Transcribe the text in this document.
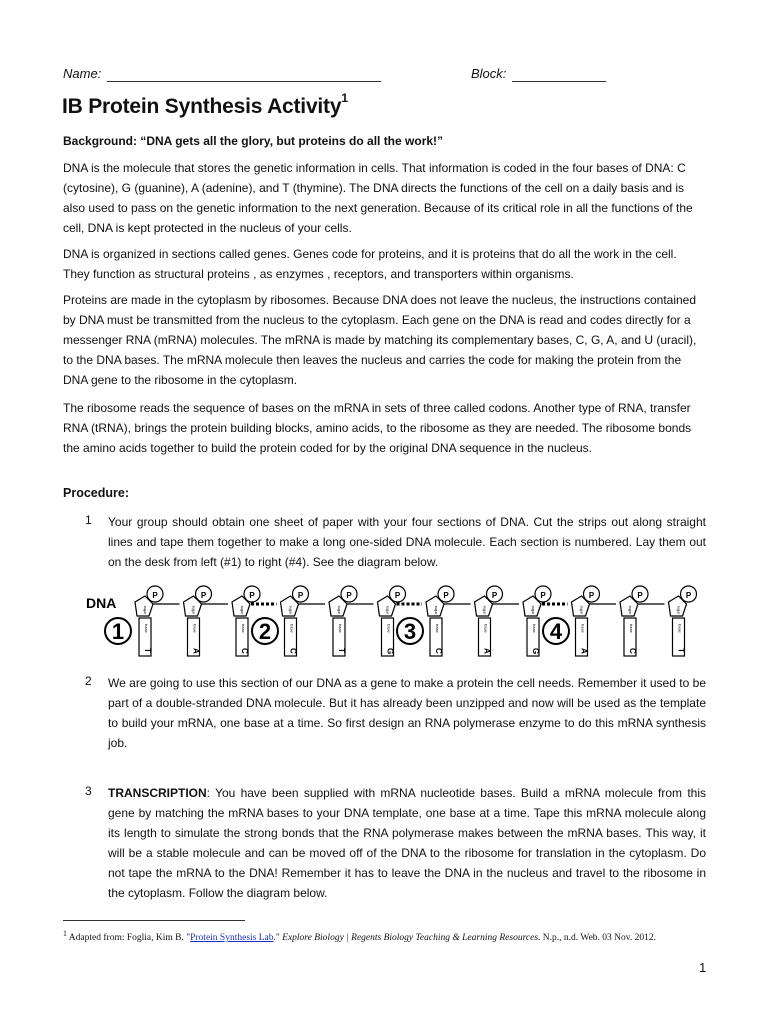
Name:	Block:
IB Protein Synthesis Activity$^1$
Background: “DNA gets all the glory, but proteins do all the work!”
DNA is the molecule that stores the genetic information in cells. That information is coded in the four bases of DNA: C (cytosine), G (guanine), A (adenine), and T (thymine). The DNA directs the functions of the cell on a daily basis and is also used to pass on the genetic information to the next generation. Because of its critical role in all the functions of the cell, DNA is kept protected in the nucleus of your cells.
DNA is organized in sections called genes. Genes code for proteins, and it is proteins that do all the work in the cell. They function as structural proteins , as enzymes , receptors, and transporters within organisms.
Proteins are made in the cytoplasm by ribosomes. Because DNA does not leave the nucleus, the instructions contained by DNA must be transmitted from the nucleus to the cytoplasm. Each gene on the DNA is read and codes directly for a messenger RNA (mRNA) molecules. The mRNA is made by matching its complementary bases, C, G, A, and U (uracil), to the DNA bases. The mRNA molecule then leaves the nucleus and carries the code for making the protein from the DNA gene to the ribosome in the cytoplasm.
The ribosome reads the sequence of bases on the mRNA in sets of three called codons. Another type of RNA, transfer RNA (tRNA), brings the protein building blocks, amino acids, to the ribosome as they are needed. The ribosome bonds the amino acids together to build the protein coded for by the original DNA sequence in the nucleus.
Procedure:
1 Your group should obtain one sheet of paper with your four sections of DNA. Cut the strips out along straight lines and tape them together to make a long one-sided DNA molecule. Each section is numbered. Lay them out on the desk from left (#1) to right (#4). See the diagram below.
DNA	P
sugar
base
T
P
sugar
base
A
P
sugar
base
C
P
sugar
base
C
P
sugar
base
T
P
sugar
base
G
P
sugar
base
C
P
sugar
base
A
P
sugar
base
G
P
sugar
base
A
P
sugar
base
C
P
sugar
base
T
1	2	3	4
2 We are going to use this section of our DNA as a gene to make a protein the cell needs. Remember it used to be part of a double-stranded DNA molecule. But it has already been unzipped and now will be used as the template to build your mRNA, one base at a time. So first design an RNA polymerase enzyme to do this mRNA synthesis job.
3 TRANSCRIPTION: You have been supplied with mRNA nucleotide bases. Build a mRNA molecule from this gene by matching the mRNA bases to your DNA template, one base at a time. Tape this mRNA molecule along its length to simulate the strong bonds that the RNA polymerase makes between the mRNA bases. This way, it will be a stable molecule and can be moved off of the DNA to the ribosome for translation in the cytoplasm. Do not tape the mRNA to the DNA! Remember it has to leave the DNA in the nucleus and travel to the ribosome in the cytoplasm. Follow the diagram below.
$^1$ Adapted from: Foglia, Kim B. "Protein Synthesis Lab." Explore Biology | Regents Biology Teaching & Learning Resources. N.p., n.d. Web. 03 Nov. 2012.
1
